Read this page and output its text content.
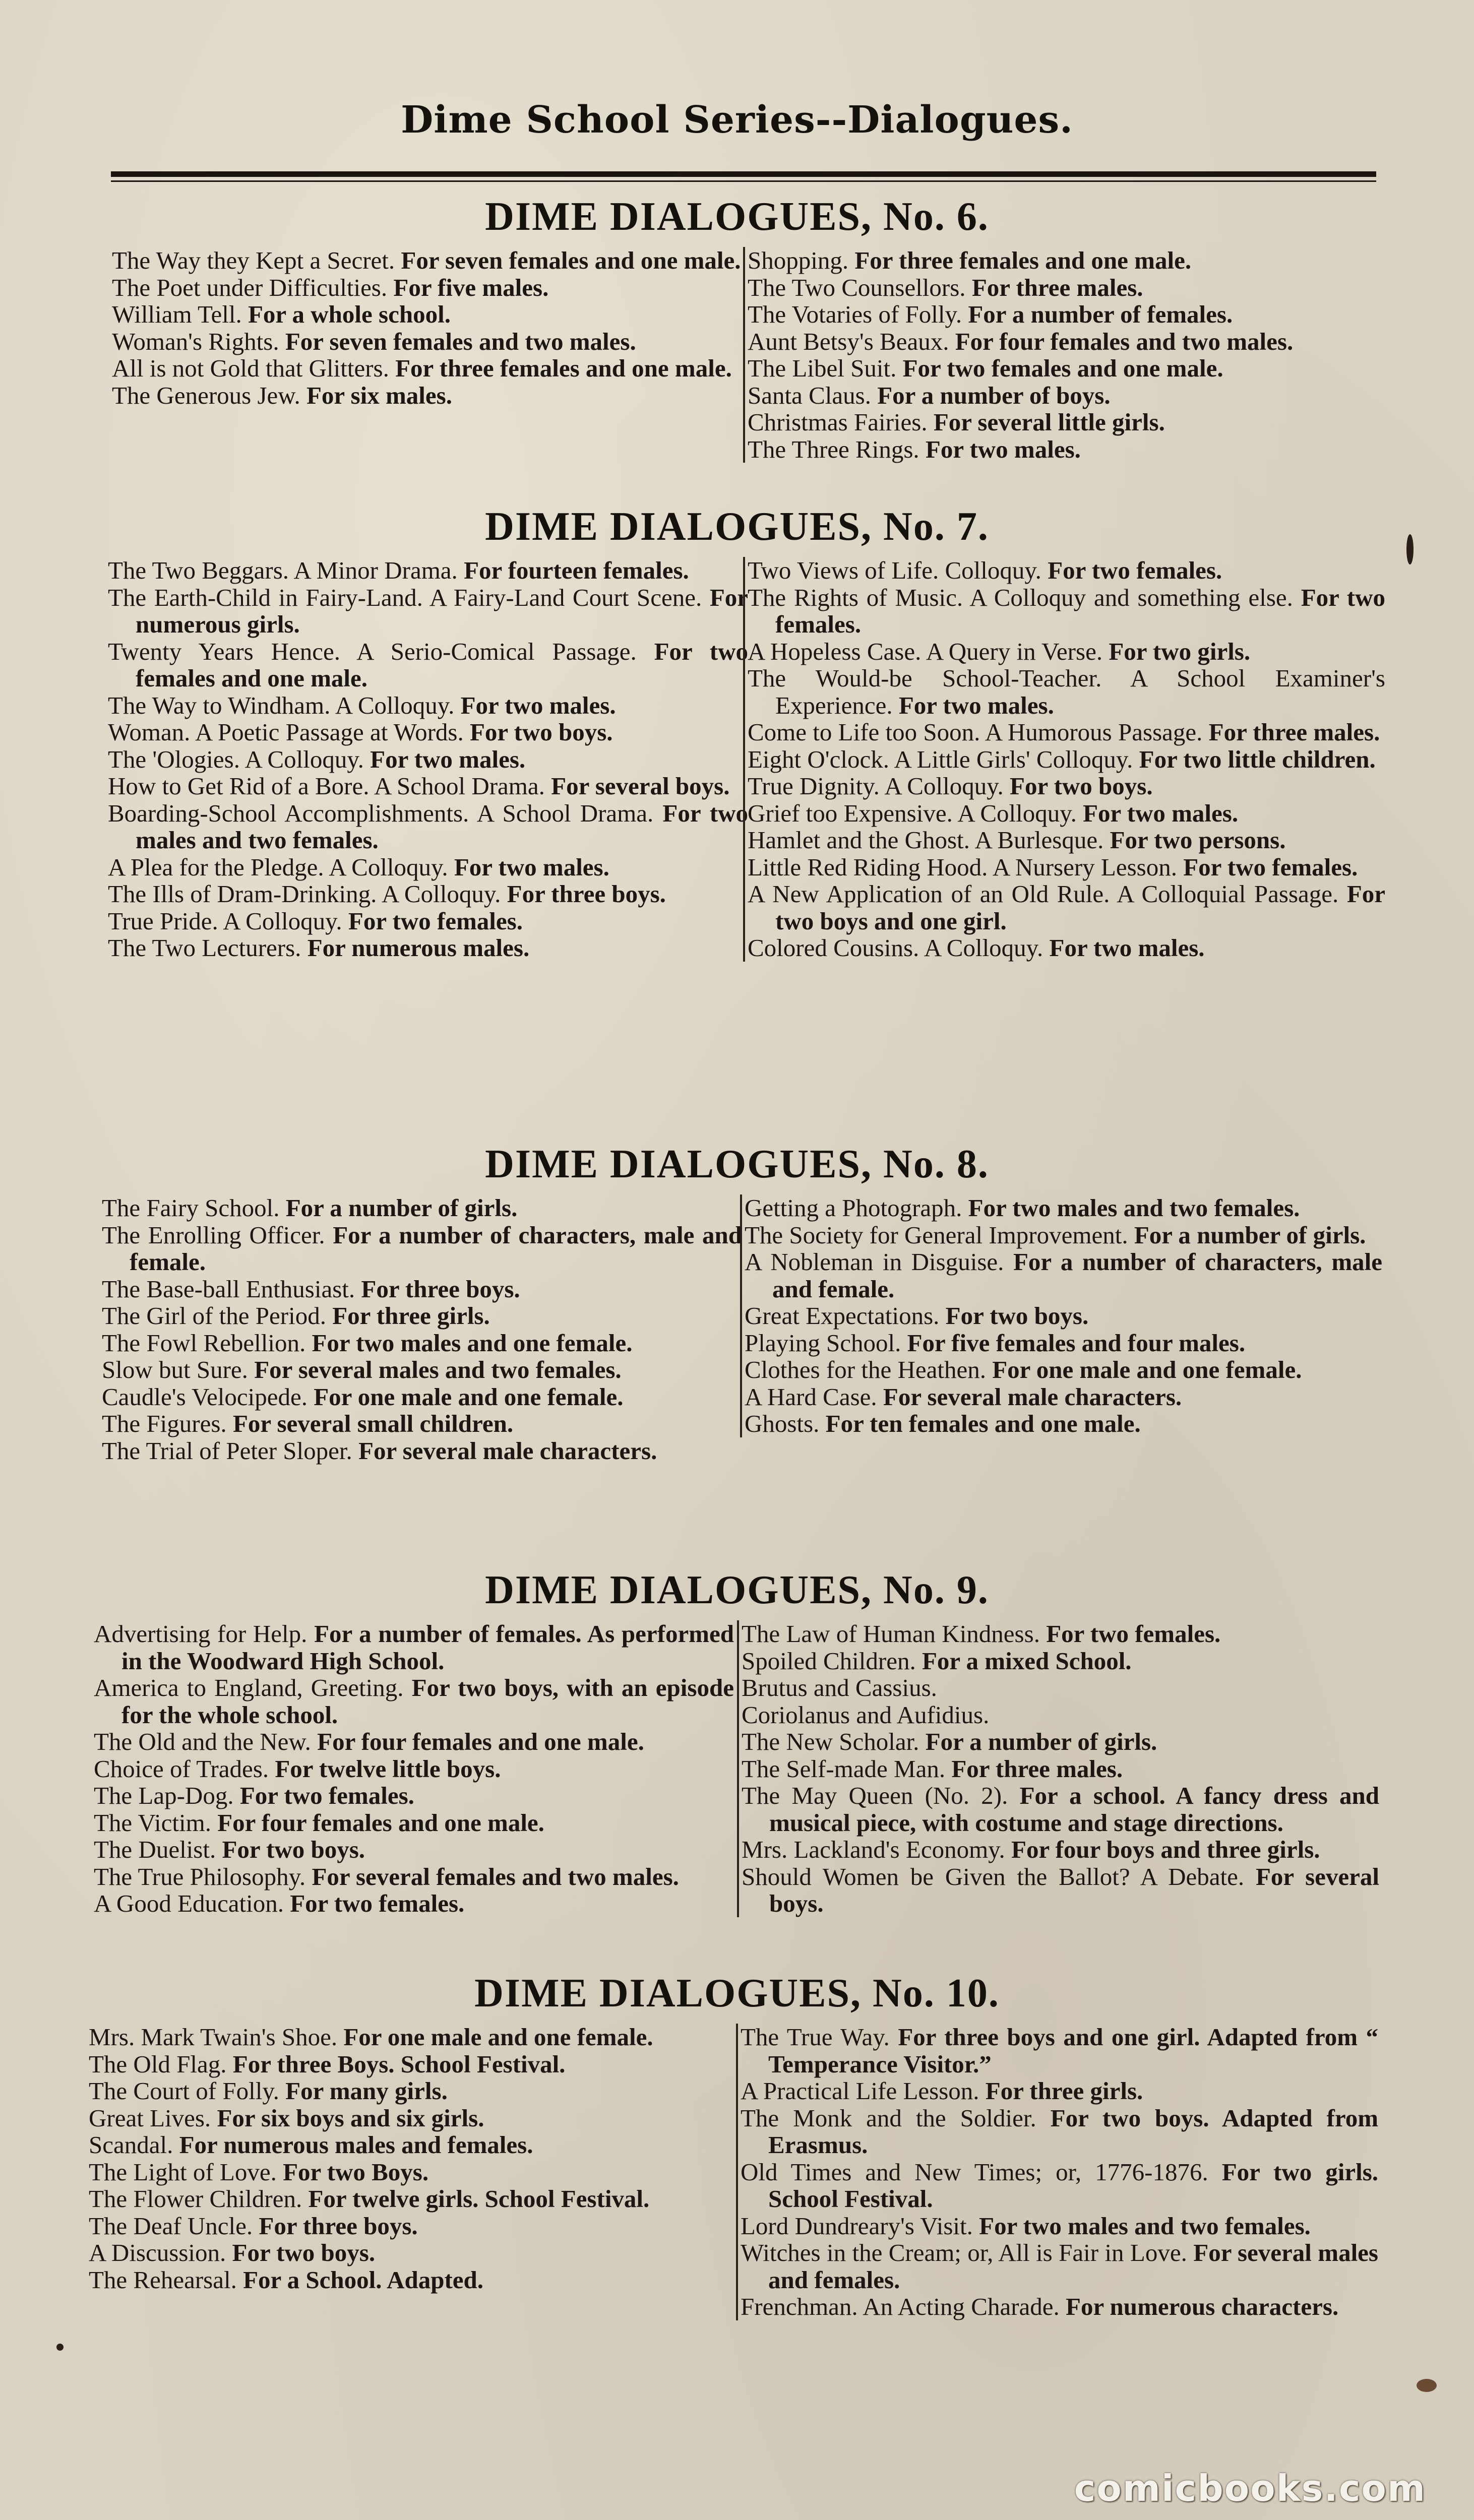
Dime School Series--Dialogues.
DIME DIALOGUES, No. 6.
The Way they Kept a Secret. For seven females and one male.
The Poet under Difficulties. For five males.
William Tell. For a whole school.
Woman's Rights. For seven females and two males.
All is not Gold that Glitters. For three females and one male.
The Generous Jew. For six males.
Shopping. For three females and one male.
The Two Counsellors. For three males.
The Votaries of Folly. For a number of females.
Aunt Betsy's Beaux. For four females and two males.
The Libel Suit. For two females and one male.
Santa Claus. For a number of boys.
Christmas Fairies. For several little girls.
The Three Rings. For two males.
DIME DIALOGUES, No. 7.
The Two Beggars. A Minor Drama. For fourteen females.
The Earth-Child in Fairy-Land. A Fairy-Land Court Scene. For numerous girls.
Twenty Years Hence. A Serio-Comical Passage. For two females and one male.
The Way to Windham. A Colloquy. For two males.
Woman. A Poetic Passage at Words. For two boys.
The 'Ologies. A Colloquy. For two males.
How to Get Rid of a Bore. A School Drama. For several boys.
Boarding-School Accomplishments. A School Drama. For two males and two females.
A Plea for the Pledge. A Colloquy. For two males.
The Ills of Dram-Drinking. A Colloquy. For three boys.
True Pride. A Colloquy. For two females.
The Two Lecturers. For numerous males.
Two Views of Life. Colloquy. For two females.
The Rights of Music. A Colloquy and something else. For two females.
A Hopeless Case. A Query in Verse. For two girls.
The Would-be School-Teacher. A School Examiner's Experience. For two males.
Come to Life too Soon. A Humorous Passage. For three males.
Eight O'clock. A Little Girls' Colloquy. For two little children.
True Dignity. A Colloquy. For two boys.
Grief too Expensive. A Colloquy. For two males.
Hamlet and the Ghost. A Burlesque. For two persons.
Little Red Riding Hood. A Nursery Lesson. For two females.
A New Application of an Old Rule. A Colloquial Passage. For two boys and one girl.
Colored Cousins. A Colloquy. For two males.
DIME DIALOGUES, No. 8.
The Fairy School. For a number of girls.
The Enrolling Officer. For a number of characters, male and female.
The Base-ball Enthusiast. For three boys.
The Girl of the Period. For three girls.
The Fowl Rebellion. For two males and one female.
Slow but Sure. For several males and two females.
Caudle's Velocipede. For one male and one female.
The Figures. For several small children.
The Trial of Peter Sloper. For several male characters.
Getting a Photograph. For two males and two females.
The Society for General Improvement. For a number of girls.
A Nobleman in Disguise. For a number of characters, male and female.
Great Expectations. For two boys.
Playing School. For five females and four males.
Clothes for the Heathen. For one male and one female.
A Hard Case. For several male characters.
Ghosts. For ten females and one male.
DIME DIALOGUES, No. 9.
Advertising for Help. For a number of females. As performed in the Woodward High School.
America to England, Greeting. For two boys, with an episode for the whole school.
The Old and the New. For four females and one male.
Choice of Trades. For twelve little boys.
The Lap-Dog. For two females.
The Victim. For four females and one male.
The Duelist. For two boys.
The True Philosophy. For several females and two males.
A Good Education. For two females.
The Law of Human Kindness. For two females.
Spoiled Children. For a mixed School.
Brutus and Cassius.
Coriolanus and Aufidius.
The New Scholar. For a number of girls.
The Self-made Man. For three males.
The May Queen (No. 2). For a school. A fancy dress and musical piece, with costume and stage directions.
Mrs. Lackland's Economy. For four boys and three girls.
Should Women be Given the Ballot? A Debate. For several boys.
DIME DIALOGUES, No. 10.
Mrs. Mark Twain's Shoe. For one male and one female.
The Old Flag. For three Boys. School Festival.
The Court of Folly. For many girls.
Great Lives. For six boys and six girls.
Scandal. For numerous males and females.
The Light of Love. For two Boys.
The Flower Children. For twelve girls. School Festival.
The Deaf Uncle. For three boys.
A Discussion. For two boys.
The Rehearsal. For a School. Adapted.
The True Way. For three boys and one girl. Adapted from “ Temperance Visitor.”
A Practical Life Lesson. For three girls.
The Monk and the Soldier. For two boys. Adapted from Erasmus.
Old Times and New Times; or, 1776-1876. For two girls. School Festival.
Lord Dundreary's Visit. For two males and two females.
Witches in the Cream; or, All is Fair in Love. For several males and females.
Frenchman. An Acting Charade. For numerous characters.
comicbooks.com
